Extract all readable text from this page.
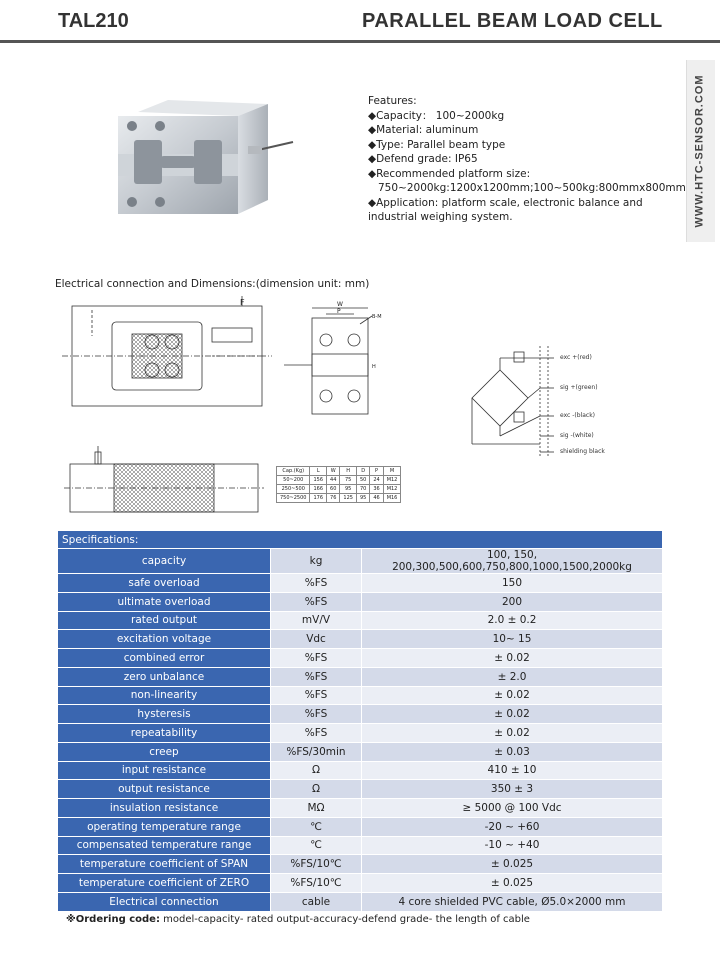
TAL210	PARALLEL BEAM LOAD CELL
WWW.HTC-SENSOR.COM
Features:
◆Capacity： 100~2000kg
◆Material: aluminum
◆Type: Parallel beam type
◆Defend grade: IP65
◆Recommended platform size:
750~2000kg:1200x1200mm;100~500kg:800mmx800mm
◆Application: platform scale, electronic balance and
industrial weighing system.
Electrical connection and Dimensions:(dimension unit: mm)
F	W
P
B-M
H
Cap.(Kg)	L	W	H	D	P	M
50~200	156	44	75	50	24	M12
250~500	166	60	95	70	36	M12
750~2500	176	76	125	95	46	M16
exc +(red)
sig +(green)
exc -(black)
sig -(white)
shielding black
Specifications:		
capacity	kg	100, 150, 200,300,500,600,750,800,1000,1500,2000kg
safe overload	%FS	150
ultimate overload	%FS	200
rated output	mV/V	2.0 ± 0.2
excitation voltage	Vdc	10~ 15
combined error	%FS	± 0.02
zero unbalance	%FS	± 2.0
non-linearity	%FS	± 0.02
hysteresis	%FS	± 0.02
repeatability	%FS	± 0.02
creep	%FS/30min	± 0.03
input resistance	Ω	410 ± 10
output resistance	Ω	350 ± 3
insulation resistance	MΩ	≥ 5000 @ 100 Vdc
operating temperature range	℃	-20 ~ +60
compensated temperature range	℃	-10 ~ +40
temperature coefficient of SPAN	%FS/10℃	± 0.025
temperature coefficient of ZERO	%FS/10℃	± 0.025
Electrical connection	cable	4 core shielded PVC cable, Ø5.0×2000 mm
※Ordering code: model-capacity- rated output-accuracy-defend grade- the length of cable
